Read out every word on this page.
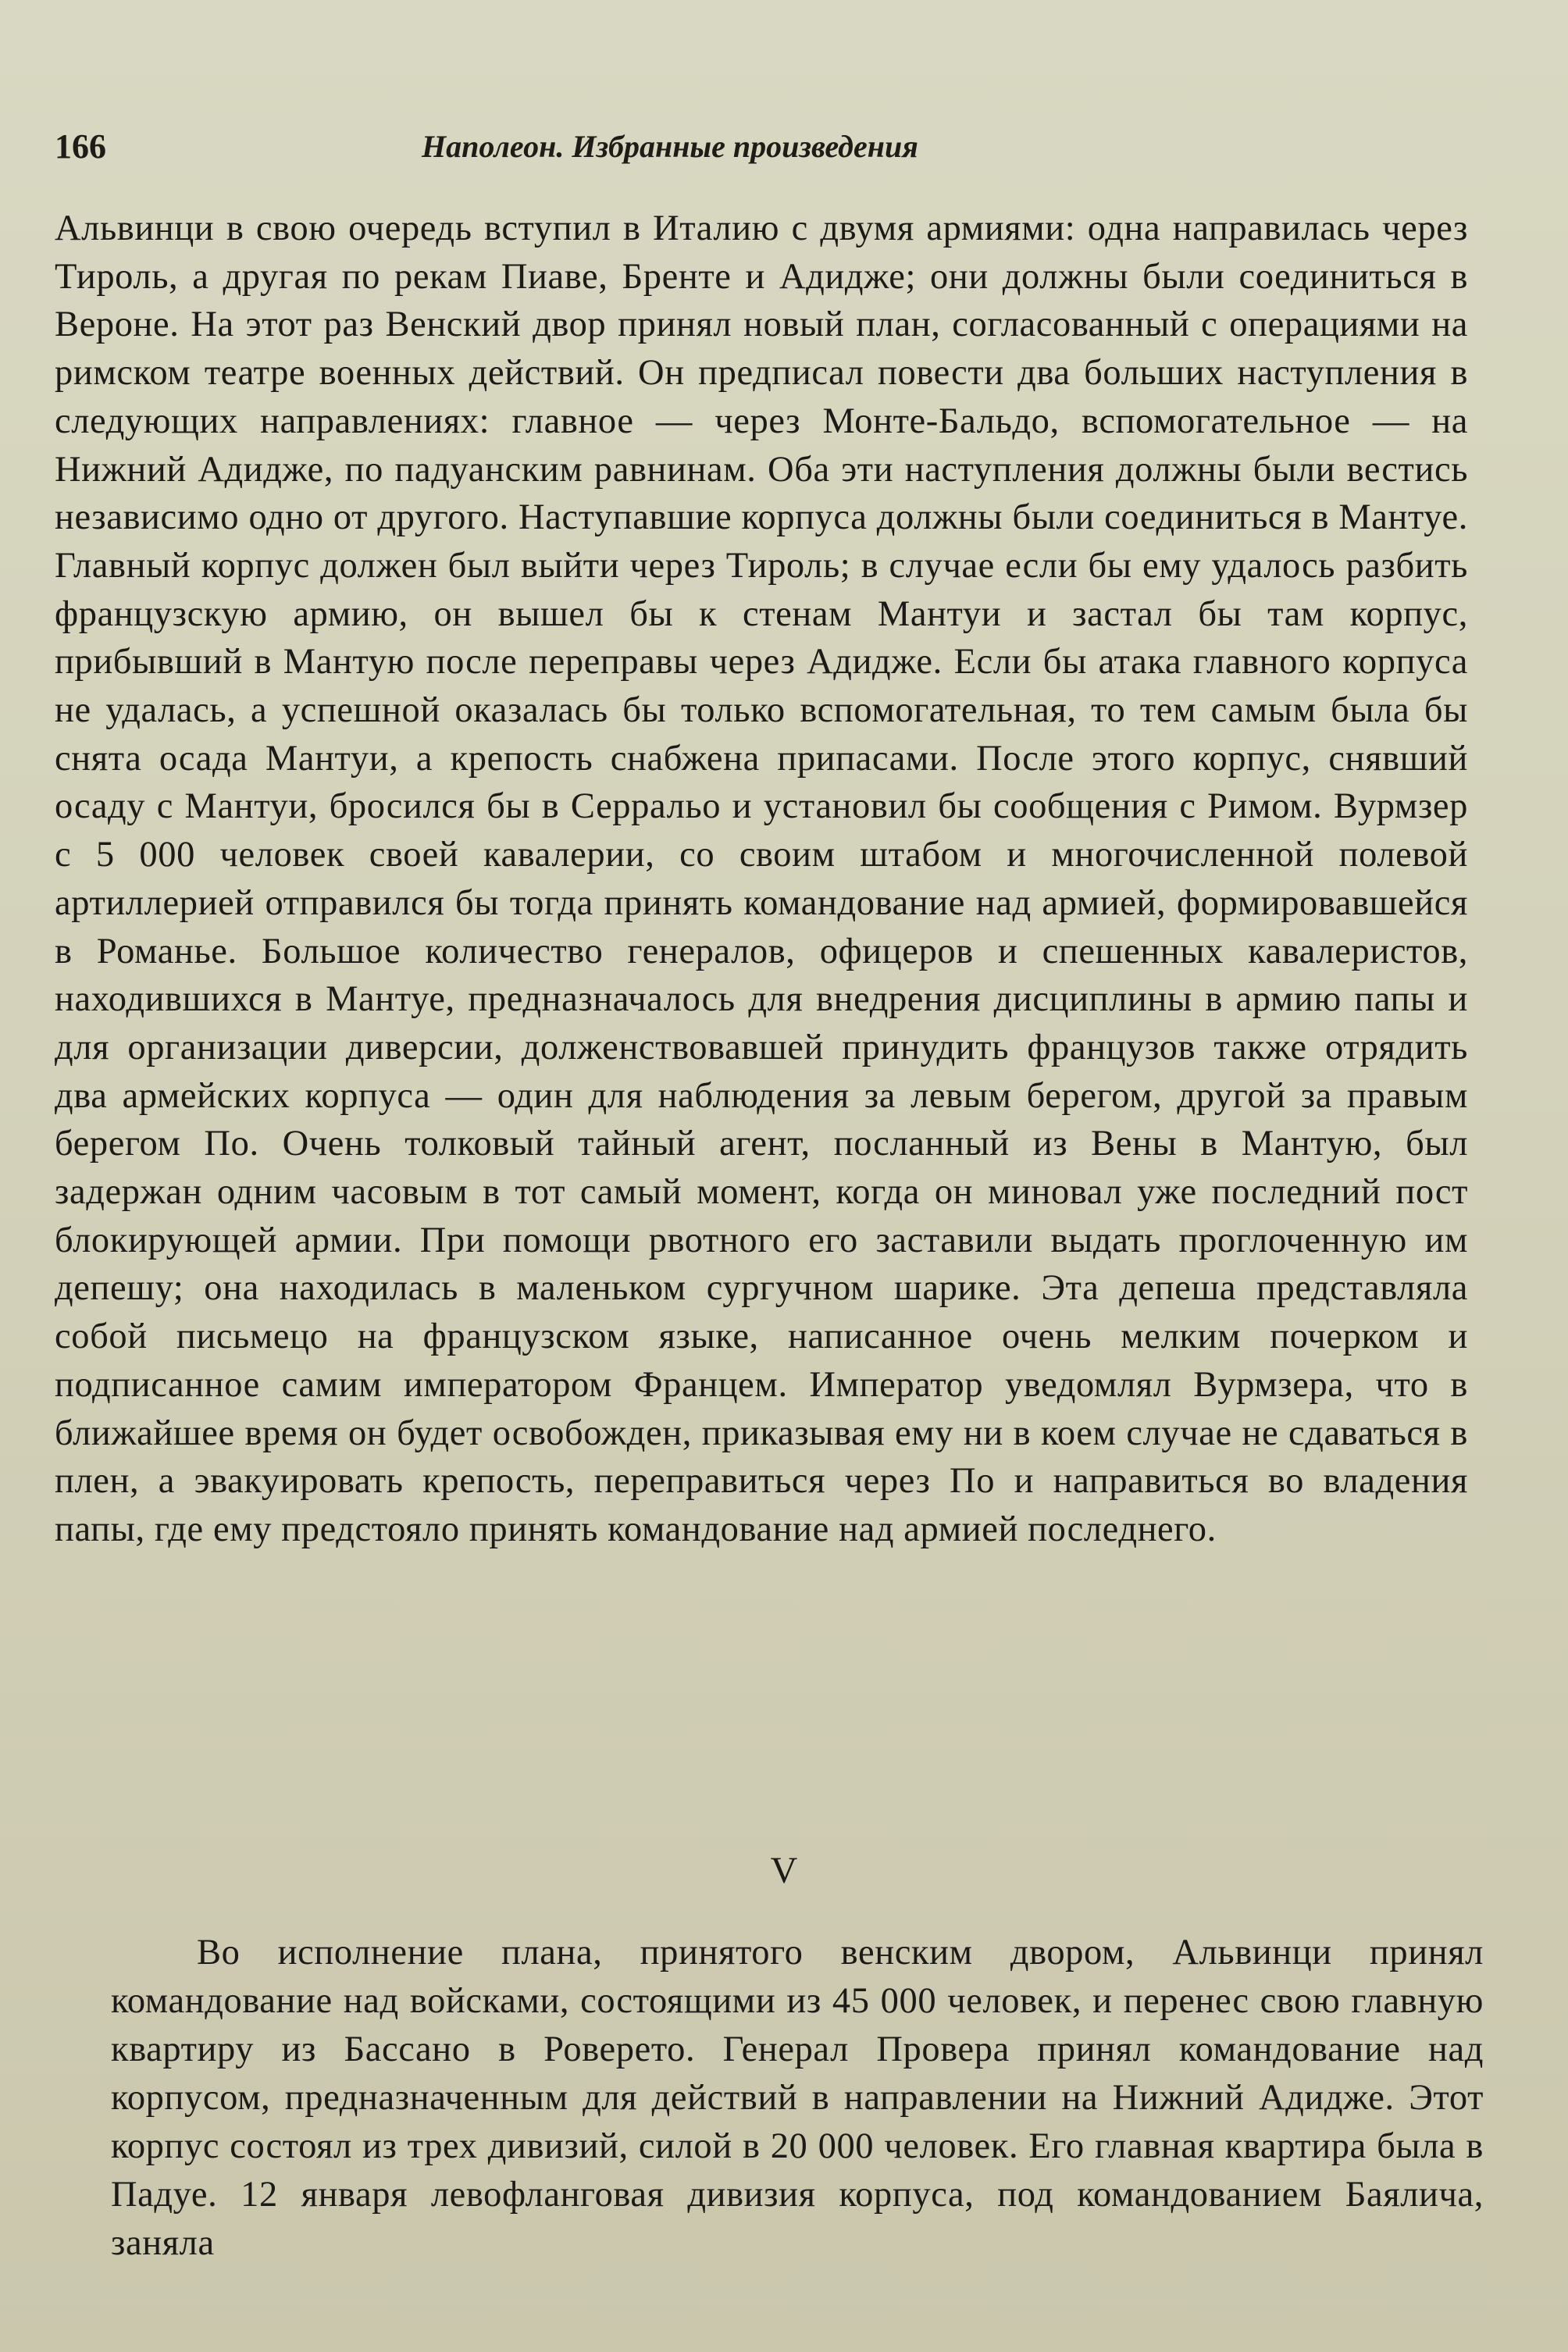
166	Наполеон. Избранные произведения

Альвинци в свою очередь вступил в Италию с двумя армиями: одна направилась через Тироль, а другая по рекам Пиаве, Бренте и Адидже; они должны были соединиться в Вероне. На этот раз Венский двор принял новый план, согласованный с операциями на римском театре военных действий. Он предписал повести два больших наступления в следующих направлениях: главное — через Монте-Бальдо, вспомогательное — на Нижний Адидже, по падуанским равнинам. Оба эти наступления должны были вестись независимо одно от другого. Наступавшие корпуса должны были соединиться в Мантуе. Главный корпус должен был выйти через Тироль; в случае если бы ему удалось разбить французскую армию, он вышел бы к стенам Мантуи и застал бы там корпус, прибывший в Мантую после переправы через Адидже. Если бы атака главного корпуса не удалась, а успешной оказалась бы только вспомогательная, то тем самым была бы снята осада Мантуи, а крепость снабжена припасами. После этого корпус, снявший осаду с Мантуи, бросился бы в Серральо и установил бы сообщения с Римом. Вурмзер с 5 000 человек своей кавалерии, со своим штабом и многочисленной полевой артиллерией отправился бы тогда принять командование над армией, формировавшейся в Романье. Большое количество генералов, офицеров и спешенных кавалеристов, находившихся в Мантуе, предназначалось для внедрения дисциплины в армию папы и для организации диверсии, долженствовавшей принудить французов также отрядить два армейских корпуса — один для наблюдения за левым берегом, другой за правым берегом По. Очень толковый тайный агент, посланный из Вены в Мантую, был задержан одним часовым в тот самый момент, когда он миновал уже последний пост блокирующей армии. При помощи рвотного его заставили выдать проглоченную им депешу; она находилась в маленьком сургучном шарике. Эта депеша представляла собой письмецо на французском языке, написанное очень мелким почерком и подписанное самим императором Францем. Император уведомлял Вурмзера, что в ближайшее время он будет освобожден, приказывая ему ни в коем случае не сдаваться в плен, а эвакуировать крепость, переправиться через По и направиться во владения папы, где ему предстояло принять командование над армией последнего.

V

Во исполнение плана, принятого венским двором, Альвинци принял командование над войсками, состоящими из 45 000 человек, и перенес свою главную квартиру из Бассано в Роверето. Генерал Провера принял командование над корпусом, предназначенным для действий в направлении на Нижний Адидже. Этот корпус состоял из трех дивизий, силой в 20 000 человек. Его главная квартира была в Падуе. 12 января левофланговая дивизия корпуса, под командованием Баялича, заняла
